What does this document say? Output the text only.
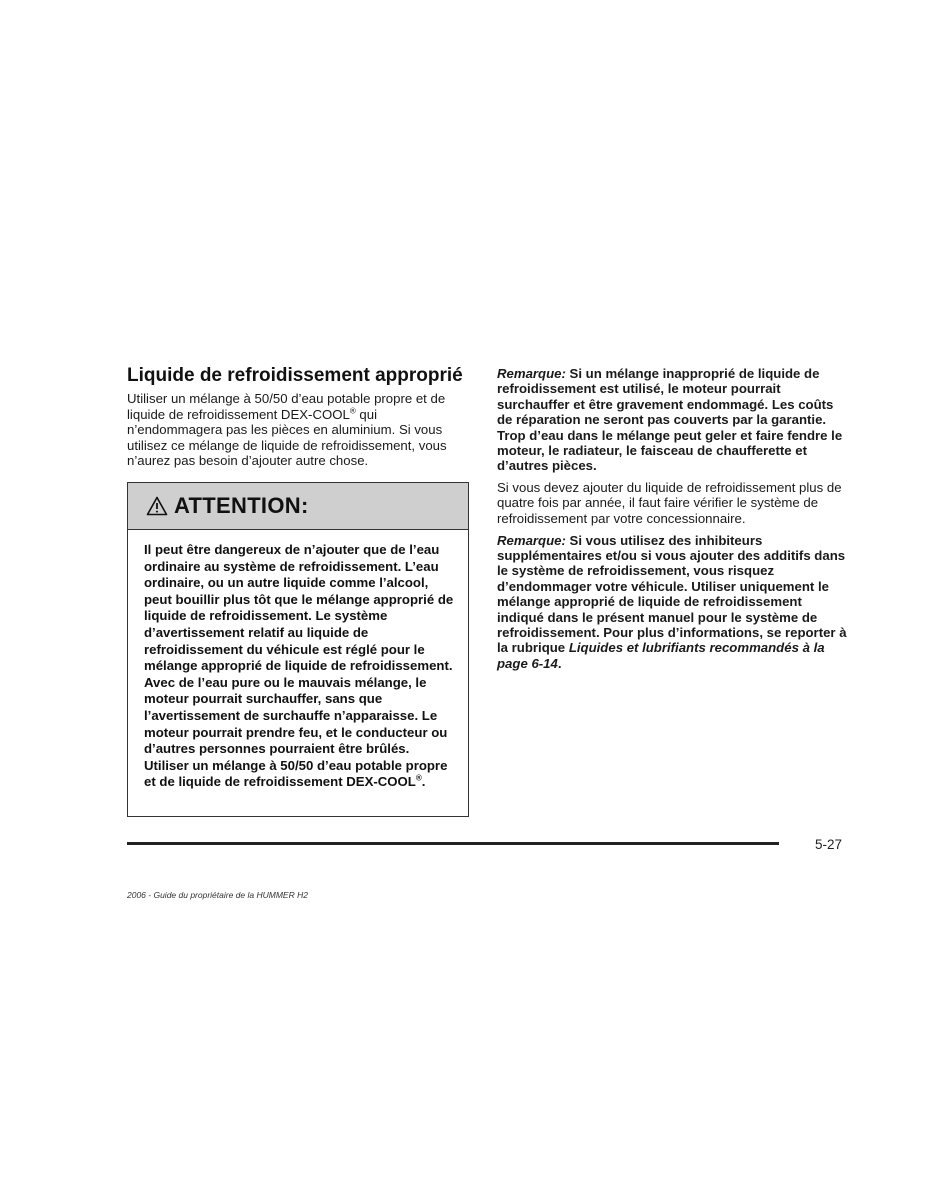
Liquide de refroidissement approprié

Utiliser un mélange à 50/50 d’eau potable propre et de liquide de refroidissement DEX-COOL® qui n’endommagera pas les pièces en aluminium. Si vous utilisez ce mélange de liquide de refroidissement, vous n’aurez pas besoin d’ajouter autre chose.

ATTENTION:
Il peut être dangereux de n’ajouter que de l’eau ordinaire au système de refroidissement. L’eau ordinaire, ou un autre liquide comme l’alcool, peut bouillir plus tôt que le mélange approprié de liquide de refroidissement. Le système d’avertissement relatif au liquide de refroidissement du véhicule est réglé pour le mélange approprié de liquide de refroidissement. Avec de l’eau pure ou le mauvais mélange, le moteur pourrait surchauffer, sans que l’avertissement de surchauffe n’apparaisse. Le moteur pourrait prendre feu, et le conducteur ou d’autres personnes pourraient être brûlés. Utiliser un mélange à 50/50 d’eau potable propre et de liquide de refroidissement DEX-COOL®.

Remarque: Si un mélange inapproprié de liquide de refroidissement est utilisé, le moteur pourrait surchauffer et être gravement endommagé. Les coûts de réparation ne seront pas couverts par la garantie. Trop d’eau dans le mélange peut geler et faire fendre le moteur, le radiateur, le faisceau de chaufferette et d’autres pièces.

Si vous devez ajouter du liquide de refroidissement plus de quatre fois par année, il faut faire vérifier le système de refroidissement par votre concessionnaire.

Remarque: Si vous utilisez des inhibiteurs supplémentaires et/ou si vous ajouter des additifs dans le système de refroidissement, vous risquez d’endommager votre véhicule. Utiliser uniquement le mélange approprié de liquide de refroidissement indiqué dans le présent manuel pour le système de refroidissement. Pour plus d’informations, se reporter à la rubrique Liquides et lubrifiants recommandés à la page 6-14.

5-27
2006 - Guide du propriétaire de la HUMMER H2
